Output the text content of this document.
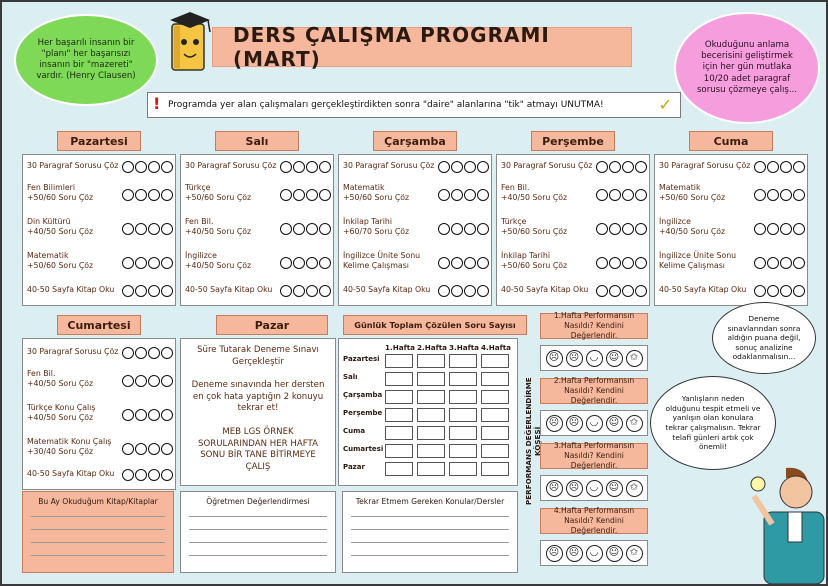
Her başarılı insanın bir "planı" her başarısızı insanın bir "mazereti" vardır. (Henry Clausen)
DERS ÇALIŞMA PROGRAMI (MART)
Okuduğunu anlama becerisini geliştirmek için her gün mutlaka 10/20 adet paragraf sorusu çözmeye çalış...
! Programda yer alan çalışmaları gerçekleştirdikten sonra "daire" alanlarına "tik" atmayı UNUTMA!	✓
Pazartesi
30 Paragraf Sorusu Çöz
Fen Bilimleri
+50/60 Soru Çöz
Din Kültürü
+40/50 Soru Çöz
Matematik
+50/60 Soru Çöz
40-50 Sayfa Kitap Oku
Salı
30 Paragraf Sorusu Çöz
Türkçe
+50/60 Soru Çöz
Fen Bil.
+40/50 Soru Çöz
İngilizce
+40/50 Soru Çöz
40-50 Sayfa Kitap Oku
Çarşamba
30 Paragraf Sorusu Çöz
Matematik
+50/60 Soru Çöz
İnkilap Tarihi
+60/70 Soru Çöz
İngilizce Ünite Sonu
Kelime Çalışması
40-50 Sayfa Kitap Oku
Perşembe
30 Paragraf Sorusu Çöz
Fen Bil.
+40/50 Soru Çöz
Türkçe
+50/60 Soru Çöz
İnkilap Tarihi
+50/60 Soru Çöz
40-50 Sayfa Kitap Oku
Cuma
30 Paragraf Sorusu Çöz
Matematik
+50/60 Soru Çöz
İngilizce
+40/50 Soru Çöz
İngilizce Ünite Sonu
Kelime Çalışması
40-50 Sayfa Kitap Oku
Cumartesi
30 Paragraf Sorusu Çöz
Fen Bil.
+40/50 Soru Çöz
Türkçe Konu Çalış
+40/50 Soru Çöz
Matematik Konu Çalış
+30/40 Soru Çöz
40-50 Sayfa Kitap Oku
Pazar
Süre Tutarak Deneme Sınavı Gerçekleştir
Deneme sınavında her dersten en çok hata yaptığın 2 konuyu tekrar et!
MEB LGS ÖRNEK SORULARINDAN HER HAFTA SONU BİR TANE BİTİRMEYE ÇALIŞ
Günlük Toplam Çözülen Soru Sayısı
1.Hafta 2.Hafta 3.Hafta 4.Hafta
Pazartesi
Salı
Çarşamba
Perşembe
Cuma
Cumartesi
Pazar
1.Hafta Performansın Nasıldı? Kendini Değerlendir.
☹ ☹	◡	☺	✩
2.Hafta Performansın Nasıldı? Kendini Değerlendir.
☹ ☹	◡	☺	✩
3.Hafta Performansın Nasıldı? Kendini Değerlendir.
☹ ☹	◡	☺	✩
4.Hafta Performansın Nasıldı? Kendini Değerlendir.
☹ ☹	◡	☺	✩
PERFORMANS DEĞERLENDİRME KÖŞESİ
Deneme sınavlarından sonra aldığın puana değil, sonuç analizine odaklanmalısın...
Yanlışların neden olduğunu tespit etmeli ve yanlışın olan konulara tekrar çalışmalısın. Tekrar telafi günleri artık çok önemli!
Bu Ay Okuduğum Kitap/Kitaplar	Öğretmen Değerlendirmesi	Tekrar Etmem Gereken Konular/Dersler
